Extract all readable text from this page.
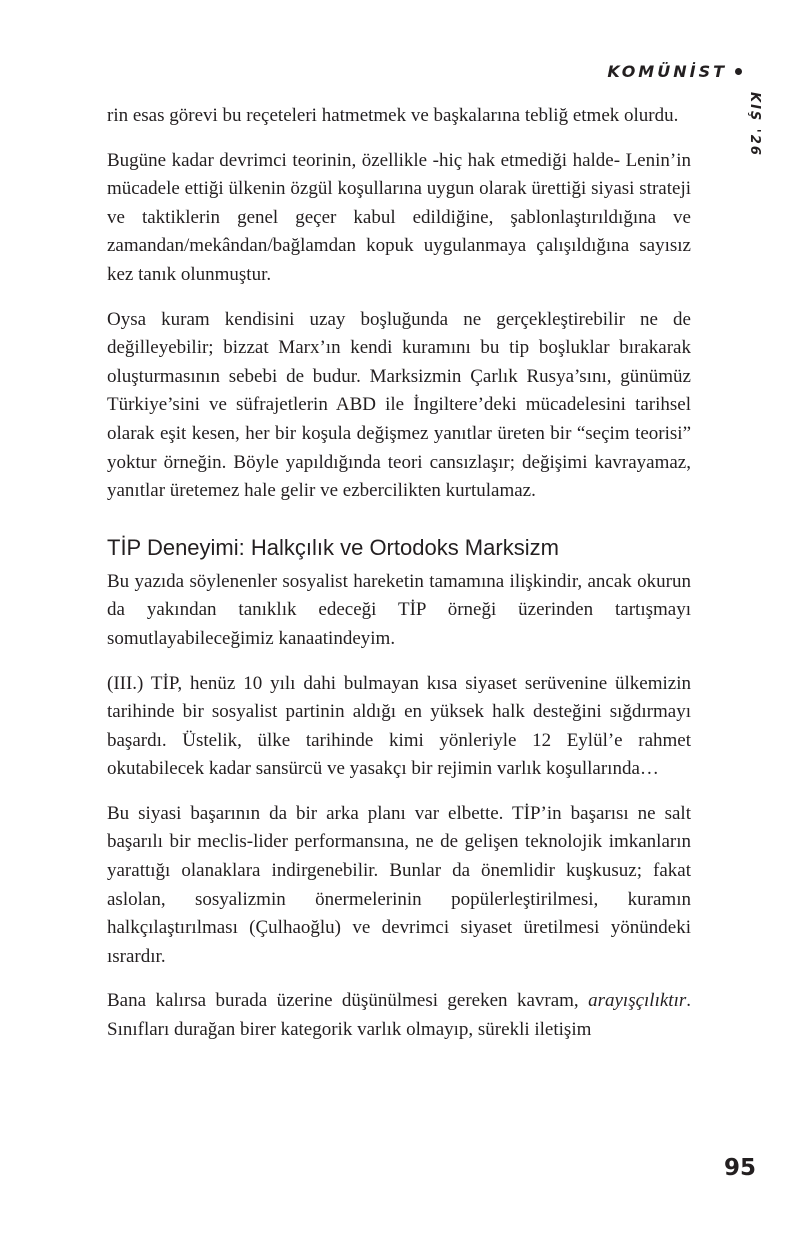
KOMÜNİST
KIŞ '26

rin esas görevi bu reçeteleri hatmetmek ve başkalarına tebliğ etmek olurdu.

Bugüne kadar devrimci teorinin, özellikle -hiç hak etmediği halde- Lenin’in mücadele ettiği ülkenin özgül koşullarına uygun olarak ürettiği siyasi strateji ve taktiklerin genel geçer kabul edildiğine, şablonlaştırıldığına ve zamandan/mekândan/bağlamdan kopuk uygulanmaya çalışıldığına sayısız kez tanık olunmuştur.

Oysa kuram kendisini uzay boşluğunda ne gerçekleştirebilir ne de değilleyebilir; bizzat Marx’ın kendi kuramını bu tip boşluklar bırakarak oluşturmasının sebebi de budur. Marksizmin Çarlık Rusya’sını, günümüz Türkiye’sini ve süfrajetlerin ABD ile İngiltere’deki mücadelesini tarihsel olarak eşit kesen, her bir koşula değişmez yanıtlar üreten bir “seçim teorisi” yoktur örneğin. Böyle yapıldığında teori cansızlaşır; değişimi kavrayamaz, yanıtlar üretemez hale gelir ve ezbercilikten kurtulamaz.

TİP Deneyimi: Halkçılık ve Ortodoks Marksizm

Bu yazıda söylenenler sosyalist hareketin tamamına ilişkindir, ancak okurun da yakından tanıklık edeceği TİP örneği üzerinden tartışmayı somutlayabileceğimiz kanaatindeyim.

(III.) TİP, henüz 10 yılı dahi bulmayan kısa siyaset serüvenine ülkemizin tarihinde bir sosyalist partinin aldığı en yüksek halk desteğini sığdırmayı başardı. Üstelik, ülke tarihinde kimi yönleriyle 12 Eylül’e rahmet okutabilecek kadar sansürcü ve yasakçı bir rejimin varlık koşullarında…

Bu siyasi başarının da bir arka planı var elbette. TİP’in başarısı ne salt başarılı bir meclis-lider performansına, ne de gelişen teknolojik imkanların yarattığı olanaklara indirgenebilir. Bunlar da önemlidir kuşkusuz; fakat aslolan, sosyalizmin önermelerinin popülerleştirilmesi, kuramın halkçılaştırılması (Çulhaoğlu) ve devrimci siyaset üretilmesi yönündeki ısrardır.

Bana kalırsa burada üzerine düşünülmesi gereken kavram, arayışçılıktır. Sınıfları durağan birer kategorik varlık olmayıp, sürekli iletişim

95
